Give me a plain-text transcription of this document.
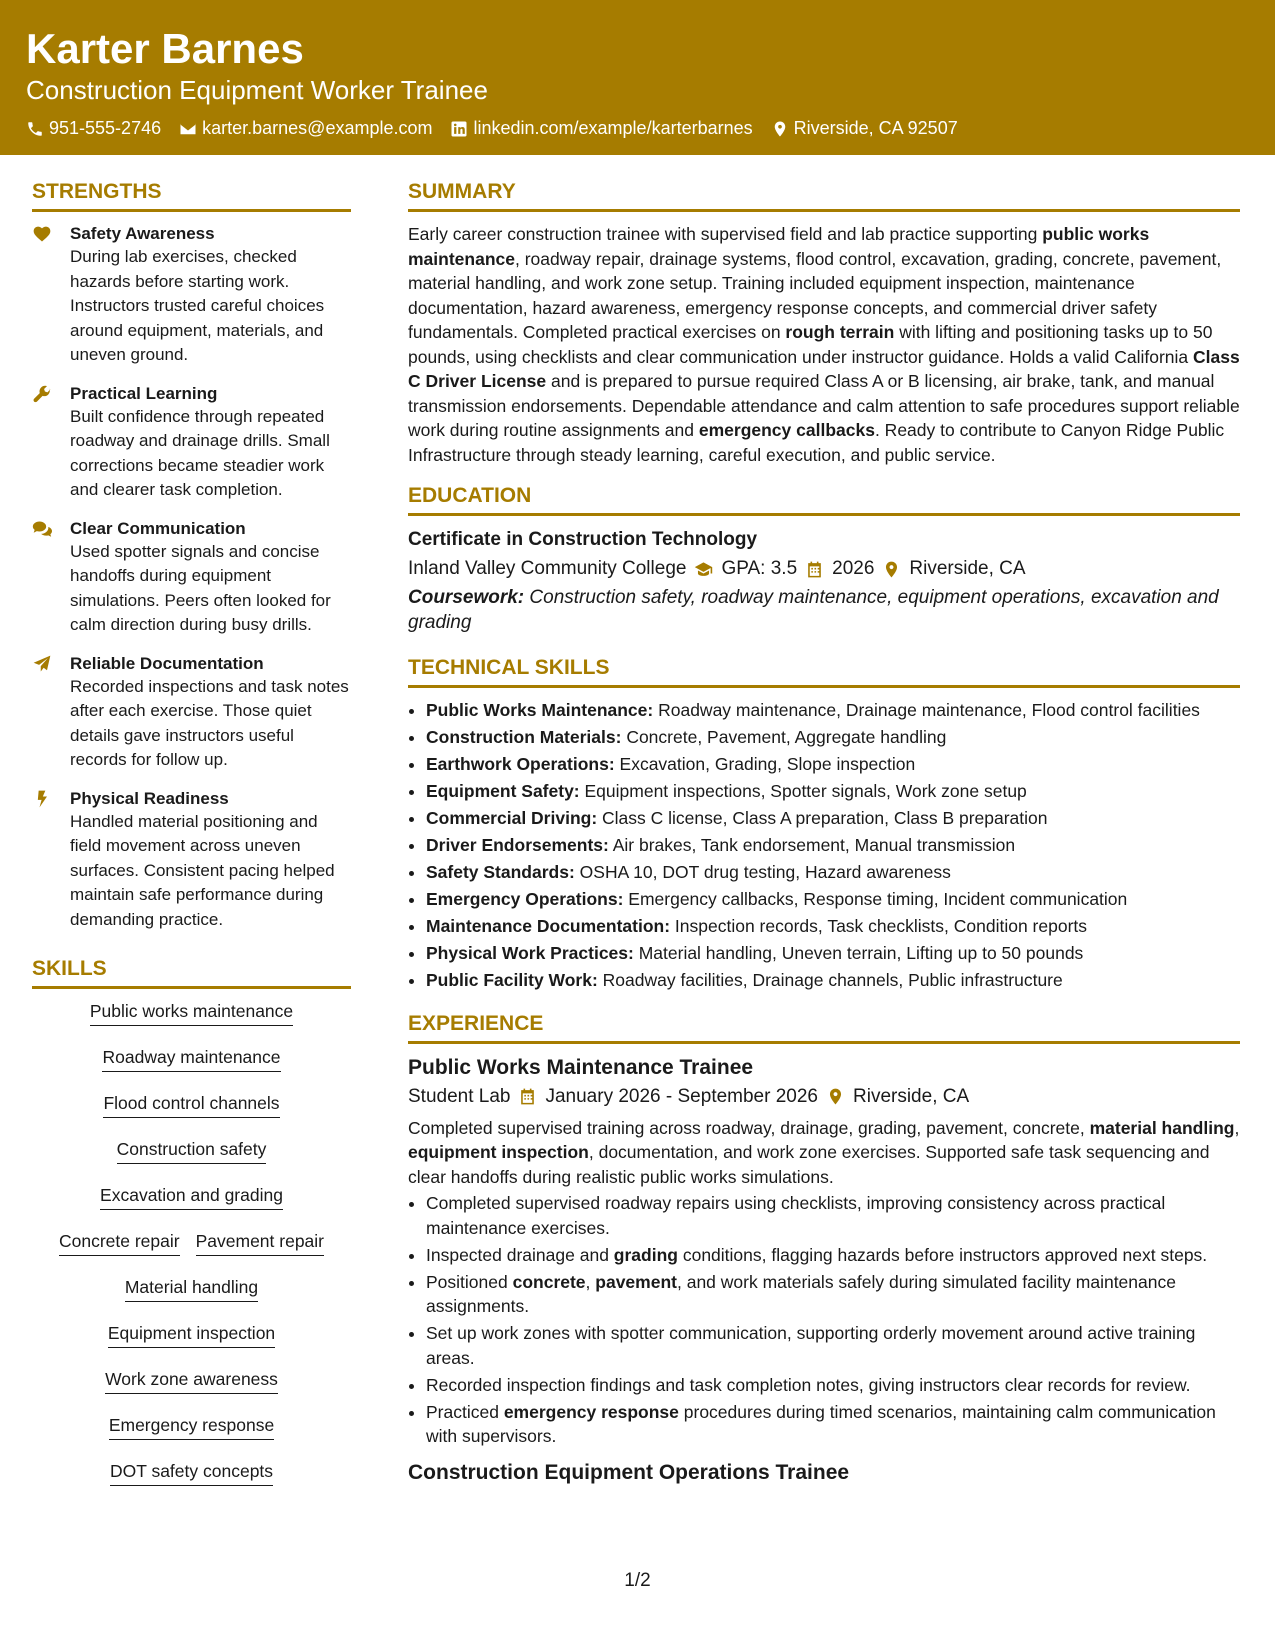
Karter Barnes
Construction Equipment Worker Trainee
951-555-2746 karter.barnes@example.com linkedin.com/example/karterbarnes Riverside, CA 92507
STRENGTHS
Safety Awareness
During lab exercises, checked hazards before starting work. Instructors trusted careful choices around equipment, materials, and uneven ground.
Practical Learning
Built confidence through repeated roadway and drainage drills. Small corrections became steadier work and clearer task completion.
Clear Communication
Used spotter signals and concise handoffs during equipment simulations. Peers often looked for calm direction during busy drills.
Reliable Documentation
Recorded inspections and task notes after each exercise. Those quiet details gave instructors useful records for follow up.
Physical Readiness
Handled material positioning and field movement across uneven surfaces. Consistent pacing helped maintain safe performance during demanding practice.
SKILLS
Public works maintenance
Roadway maintenance
Flood control channels
Construction safety
Excavation and grading
Concrete repair Pavement repair
Material handling
Equipment inspection
Work zone awareness
Emergency response
DOT safety concepts
SUMMARY

Early career construction trainee with supervised field and lab practice supporting public works maintenance, roadway repair, drainage systems, flood control, excavation, grading, concrete, pavement, material handling, and work zone setup. Training included equipment inspection, maintenance documentation, hazard awareness, emergency response concepts, and commercial driver safety fundamentals. Completed practical exercises on rough terrain with lifting and positioning tasks up to 50 pounds, using checklists and clear communication under instructor guidance. Holds a valid California Class C Driver License and is prepared to pursue required Class A or B licensing, air brake, tank, and manual transmission endorsements. Dependable attendance and calm attention to safe procedures support reliable work during routine assignments and emergency callbacks. Ready to contribute to Canyon Ridge Public Infrastructure through steady learning, careful execution, and public service.

EDUCATION
Certificate in Construction Technology
Inland Valley Community College GPA: 3.5 2026 Riverside, CA
Coursework: Construction safety, roadway maintenance, equipment operations, excavation and grading
TECHNICAL SKILLS
• Public Works Maintenance: Roadway maintenance, Drainage maintenance, Flood control facilities
• Construction Materials: Concrete, Pavement, Aggregate handling
• Earthwork Operations: Excavation, Grading, Slope inspection
• Equipment Safety: Equipment inspections, Spotter signals, Work zone setup
• Commercial Driving: Class C license, Class A preparation, Class B preparation
• Driver Endorsements: Air brakes, Tank endorsement, Manual transmission
• Safety Standards: OSHA 10, DOT drug testing, Hazard awareness
• Emergency Operations: Emergency callbacks, Response timing, Incident communication
• Maintenance Documentation: Inspection records, Task checklists, Condition reports
• Physical Work Practices: Material handling, Uneven terrain, Lifting up to 50 pounds
• Public Facility Work: Roadway facilities, Drainage channels, Public infrastructure
EXPERIENCE
Public Works Maintenance Trainee
Student Lab January 2026 - September 2026 Riverside, CA
Completed supervised training across roadway, drainage, grading, pavement, concrete, material handling, equipment inspection, documentation, and work zone exercises. Supported safe task sequencing and clear handoffs during realistic public works simulations.
• Completed supervised roadway repairs using checklists, improving consistency across practical maintenance exercises.
• Inspected drainage and grading conditions, flagging hazards before instructors approved next steps.
• Positioned concrete, pavement, and work materials safely during simulated facility maintenance assignments.
• Set up work zones with spotter communication, supporting orderly movement around active training areas.
• Recorded inspection findings and task completion notes, giving instructors clear records for review.
• Practiced emergency response procedures during timed scenarios, maintaining calm communication with supervisors.
Construction Equipment Operations Trainee
1/2
